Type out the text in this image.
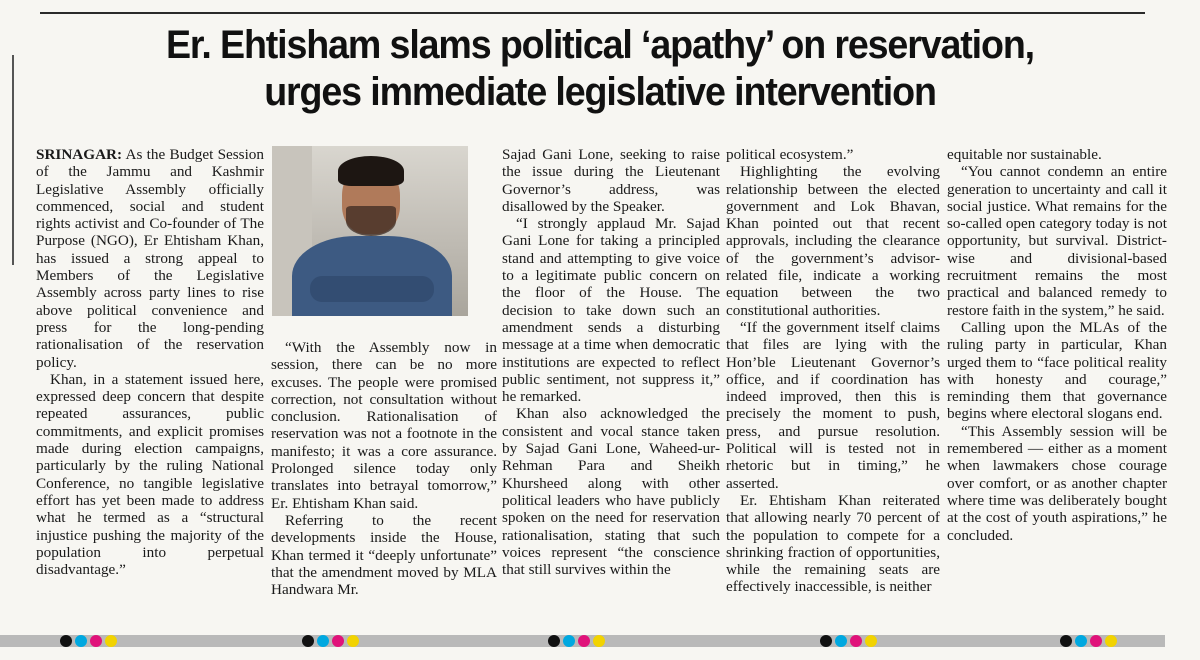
Er. Ehtisham slams political ‘apathy’ on reservation,
urges immediate legislative intervention

SRINAGAR: As the Budget Session of the Jammu and Kashmir Legislative Assembly officially commenced, social and student rights activist and Co-founder of The Purpose (NGO), Er Ehtisham Khan, has issued a strong appeal to Members of the Legislative Assembly across party lines to rise above political convenience and press for the long-pending rationalisation of the reservation policy.

Khan, in a statement issued here, expressed deep concern that despite repeated assurances, public commitments, and explicit promises made during election campaigns, particularly by the ruling National Conference, no tangible legislative effort has yet been made to address what he termed as a “structural injustice pushing the majority of the population into perpetual disadvantage.”

“With the Assembly now in session, there can be no more excuses. The people were promised correction, not consultation without conclusion. Rationalisation of reservation was not a footnote in the manifesto; it was a core assurance. Prolonged silence today only translates into betrayal tomorrow,” Er. Ehtisham Khan said.

Referring to the recent developments inside the House, Khan termed it “deeply unfortunate” that the amendment moved by MLA Handwara Mr.

Sajad Gani Lone, seeking to raise the issue during the Lieutenant Governor’s address, was disallowed by the Speaker.

“I strongly applaud Mr. Sajad Gani Lone for taking a principled stand and attempting to give voice to a legitimate public concern on the floor of the House. The decision to take down such an amendment sends a disturbing message at a time when democratic institutions are expected to reflect public sentiment, not suppress it,” he remarked.

Khan also acknowledged the consistent and vocal stance taken by Sajad Gani Lone, Waheed-ur-Rehman Para and Sheikh Khursheed along with other political leaders who have publicly spoken on the need for reservation rationalisation, stating that such voices represent “the conscience that still survives within the

political ecosystem.”

Highlighting the evolving relationship between the elected government and Lok Bhavan, Khan pointed out that recent approvals, including the clearance of the government’s advisor-related file, indicate a working equation between the two constitutional authorities.

“If the government itself claims that files are lying with the Hon’ble Lieutenant Governor’s office, and if coordination has indeed improved, then this is precisely the moment to push, press, and pursue resolution. Political will is tested not in rhetoric but in timing,” he asserted.

Er. Ehtisham Khan reiterated that allowing nearly 70 percent of the population to compete for a shrinking fraction of opportunities, while the remaining seats are effectively inaccessible, is neither

equitable nor sustainable.

“You cannot condemn an entire generation to uncertainty and call it social justice. What remains for the so-called open category today is not opportunity, but survival. District-wise and divisional-based recruitment remains the most practical and balanced remedy to restore faith in the system,” he said.

Calling upon the MLAs of the ruling party in particular, Khan urged them to “face political reality with honesty and courage,” reminding them that governance begins where electoral slogans end.

“This Assembly session will be remembered — either as a moment when lawmakers chose courage over comfort, or as another chapter where time was deliberately bought at the cost of youth aspirations,” he concluded.
